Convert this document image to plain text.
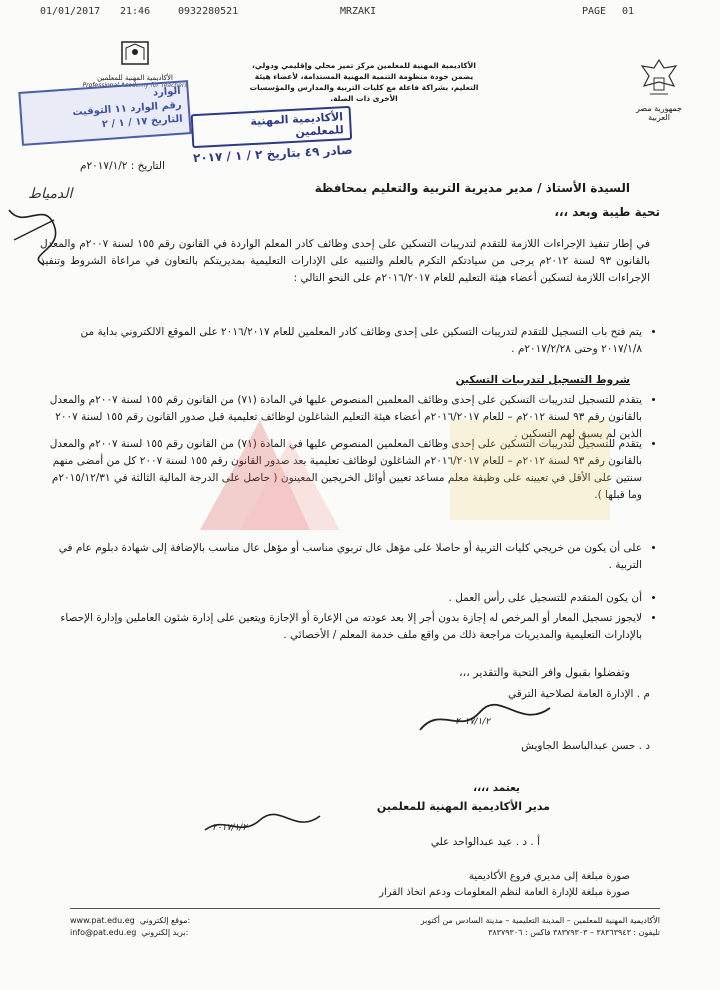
01/01/2017 21:46	0932280521	MRZAKI	PAGE 01
جمهورية مصر العربية
الأكاديمية المهنية للمعلمين مركز تميز محلي وإقليمي ودولي، يضمن جودة منظومة التنمية المهنية المستدامة، لأعضاء هيئة التعليم، بشراكة فاعلة مع كليات التربية والمدارس والمؤسسات الأخرى ذات الصلة.
الأكاديمية المهنية للمعلمين
Professional Academy for Teachers
الوارد
رقم الوارد ١١ التوقيت
التاريخ ١٧ / ١ / ٢	الأكاديمية المهنية للمعلمين
صادر ٤٩ بتاريخ ٢ / ١ / ٢٠١٧
التاريخ : ٢٠١٧/١/٢م
السيدة الأستاذ / مدير مديرية التربية والتعليم بمحافظة
الدمياط
تحية طيبة وبعد ،،،
في إطار تنفيذ الإجراءات اللازمة للتقدم لتدريبات التسكين على إحدى وظائف كادر المعلم الواردة في القانون رقم ١٥٥ لسنة ٢٠٠٧م والمعدل بالقانون ٩٣ لسنة ٢٠١٢م يرجى من سيادتكم التكرم بالعلم والتنبيه على الإدارات التعليمية بمديريتكم بالتعاون في مراعاة الشروط وتنفيذ الإجراءات اللازمة لتسكين أعضاء هيئة التعليم للعام ٢٠١٦/٢٠١٧م على النحو التالي :
• يتم فتح باب التسجيل للتقدم لتدريبات التسكين على إحدى وظائف كادر المعلمين للعام ٢٠١٦/٢٠١٧ على الموقع الالكتروني بداية من ٢٠١٧/١/٨ وحتى ٢٠١٧/٢/٢٨م .
شروط التسجيل لتدريبات التسكين
• يتقدم للتسجيل لتدريبات التسكين على إحدى وظائف المعلمين المنصوص عليها في المادة (٧١) من القانون رقم ١٥٥ لسنة ٢٠٠٧م والمعدل بالقانون رقم ٩٣ لسنة ٢٠١٢م – للعام ٢٠١٦/٢٠١٧م أعضاء هيئة التعليم الشاغلون لوظائف تعليمية قبل صدور القانون رقم ١٥٥ لسنة ٢٠٠٧ الذين لم يسبق لهم التسكين .
• يتقدم للتسجيل لتدريبات التسكين على إحدى وظائف المعلمين المنصوص عليها في المادة (٧١) من القانون رقم ١٥٥ لسنة ٢٠٠٧م والمعدل بالقانون رقم ٩٣ لسنة ٢٠١٢م – للعام ٢٠١٦/٢٠١٧م الشاغلون لوظائف تعليمية بعد صدور القانون رقم ١٥٥ لسنة ٢٠٠٧ كل من أمضى منهم سنتين على الأقل في تعيينه على وظيفة معلم مساعد تعيين أوائل الخريجين المعينون ( حاصل على الدرجة المالية الثالثة في ٢٠١٥/١٢/٣١م وما قبلها ).
• على أن يكون من خريجي كليات التربية أو حاصلا على مؤهل عال تربوي مناسب أو مؤهل عال مناسب بالإضافة إلى شهادة دبلوم عام في التربية .
• أن يكون المتقدم للتسجيل على رأس العمل .
• لايجوز تسجيل المعار أو المرخص له إجازة بدون أجر إلا بعد عودته من الإعارة أو الإجازة ويتعين على إدارة شئون العاملين وإدارة الإحصاء بالإدارات التعليمية والمديريات مراجعة ذلك من واقع ملف خدمة المعلم / الأخصائي .
وتفضلوا بقبول وافر التحية والتقدير ،،،
م . الإدارة العامة لصلاحية الترقي
٢٠١٧/١/٢
د . حسن عبدالباسط الجاويش
يعتمد ،،،،
مدير الأكاديمية المهنية للمعلمين
٢٠١٧/١/٢
أ . د . عيد عبدالواحد علي
صورة مبلغة إلى مديري فروع الأكاديمية
صورة مبلغة للإدارة العامة لنظم المعلومات ودعم اتخاذ القرار
الأكاديمية المهنية للمعلمين – المدينة التعليمية – مدينة السادس من أكتوبر
تليفون : ٣٨٣٦٣٩٤٣ – ٣٨٣٧٩٣٠٣ فاكس : ٣٨٣٧٩٣٠٦
www.pat.edu.eg موقع إلكتروني:
info@pat.edu.eg بريد إلكتروني:
